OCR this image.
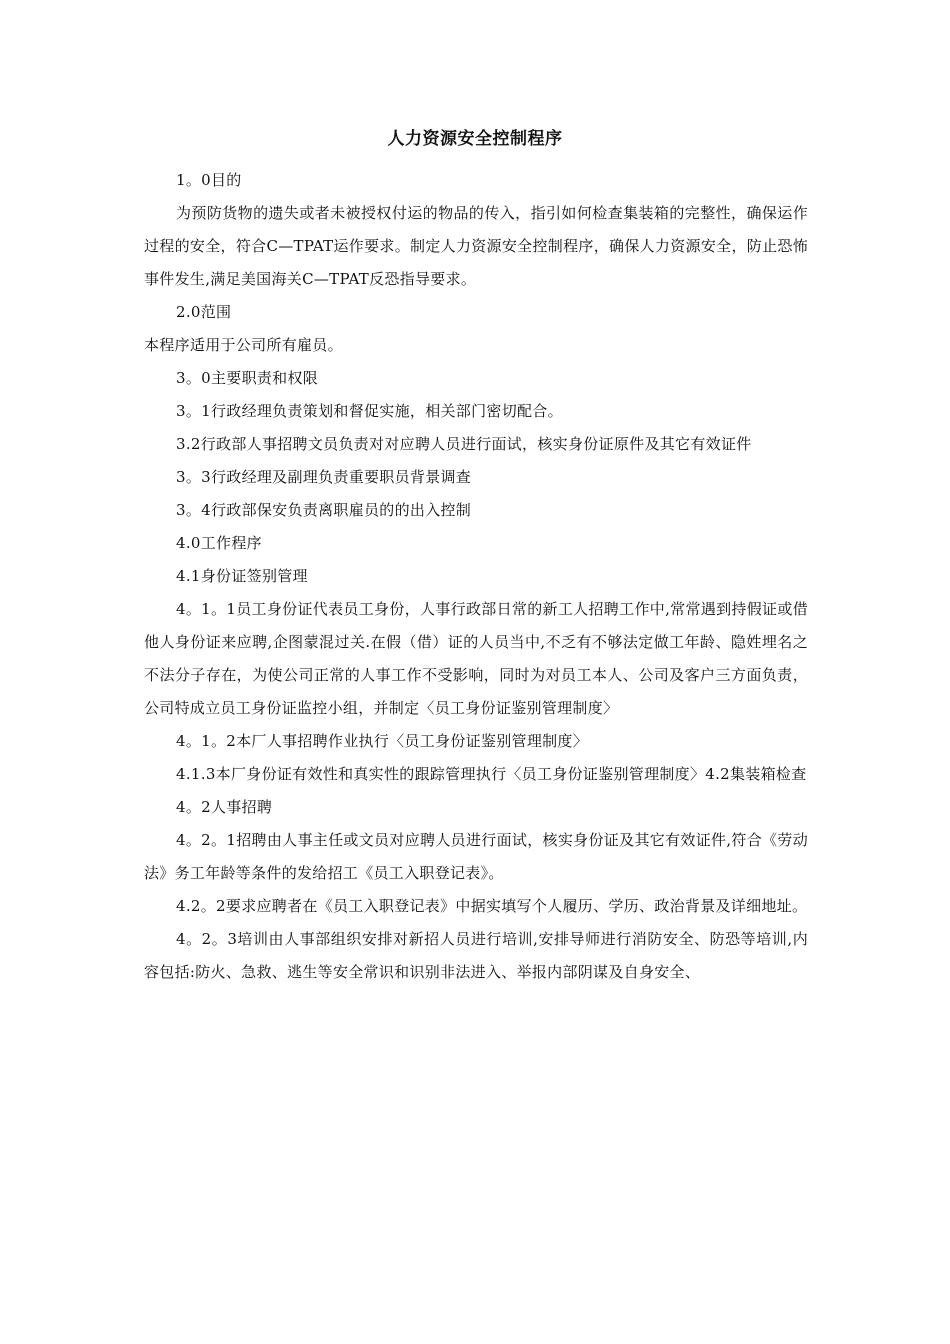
人力资源安全控制程序

1。0目的

为预防货物的遗失或者未被授权付运的物品的传入，指引如何检查集装箱的完整性，确保运作过程的安全，符合C—TPAT运作要求。制定人力资源安全控制程序，确保人力资源安全，防止恐怖事件发生,满足美国海关C—TPAT反恐指导要求。

2.0范围

本程序适用于公司所有雇员。

3。0主要职责和权限

3。1行政经理负责策划和督促实施，相关部门密切配合。

3.2行政部人事招聘文员负责对对应聘人员进行面试，核实身份证原件及其它有效证件

3。3行政经理及副理负责重要职员背景调查

3。4行政部保安负责离职雇员的的出入控制

4.0工作程序

4.1身份证签别管理

4。1。1员工身份证代表员工身份，人事行政部日常的新工人招聘工作中,常常遇到持假证或借他人身份证来应聘,企图蒙混过关.在假（借）证的人员当中,不乏有不够法定做工年龄、隐姓埋名之不法分子存在，为使公司正常的人事工作不受影响，同时为对员工本人、公司及客户三方面负责，公司特成立员工身份证监控小组，并制定〈员工身份证鉴别管理制度〉

4。1。2本厂人事招聘作业执行〈员工身份证鉴别管理制度〉

4.1.3本厂身份证有效性和真实性的跟踪管理执行〈员工身份证鉴别管理制度〉4.2集装箱检查

4。2人事招聘

4。2。1招聘由人事主任或文员对应聘人员进行面试，核实身份证及其它有效证件,符合《劳动法》务工年龄等条件的发给招工《员工入职登记表》。

4.2。2要求应聘者在《员工入职登记表》中据实填写个人履历、学历、政治背景及详细地址。

4。2。3培训由人事部组织安排对新招人员进行培训,安排导师进行消防安全、防恐等培训,内容包括:防火、急救、逃生等安全常识和识别非法进入、举报内部阴谋及自身安全、
